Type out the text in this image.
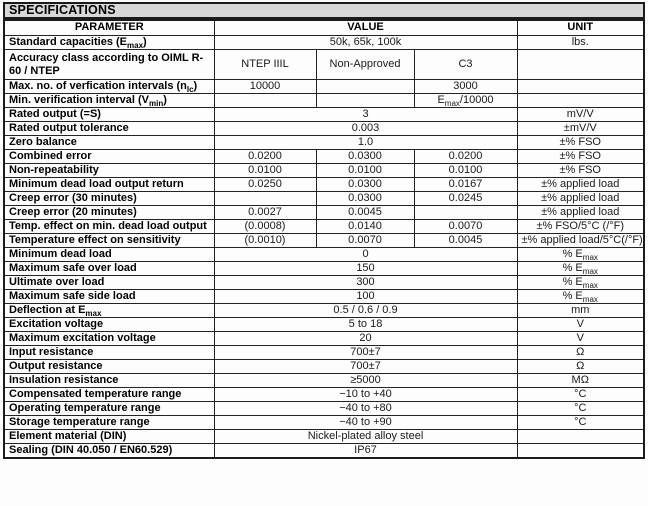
SPECIFICATIONS
PARAMETER	VALUE			UNIT
Standard capacities $(E_{max})$	50k, 65k, 100k			lbs.
Accuracy class according to OIML R-60 / NTEP	NTEP IIIL	Non-Approved	C3	
Max. no. of verfication intervals $(n_{lc})$	10000		3000	
Min. verification interval $(V_{min})$			$E_{max}/10000$	
Rated output (=S)	3			mV/V
Rated output tolerance	0.003			±mV/V
Zero balance	1.0			±% FSO
Combined error	0.0200	0.0300	0.0200	±% FSO
Non-repeatability	0.0100	0.0100	0.0100	±% FSO
Minimum dead load output return	0.0250	0.0300	0.0167	±% applied load
Creep error (30 minutes)		0.0300	0.0245	±% applied load
Creep error (20 minutes)	0.0027	0.0045		±% applied load
Temp. effect on min. dead load output	(0.0008)	0.0140	0.0070	±% FSO/5°C (/°F)
Temperature effect on sensitivity	(0.0010)	0.0070	0.0045	±% applied load/5°C(/°F)
Minimum dead load	0			% $E_{max}$
Maximum safe over load	150			% $E_{max}$
Ultimate over load	300			% $E_{max}$
Maximum safe side load	100			% $E_{max}$
Deflection at $E_{max}$	0.5 / 0.6 / 0.9			mm
Excitation voltage	5 to 18			V
Maximum excitation voltage	20			V
Input resistance	700±7			Ω
Output resistance	700±7			Ω
Insulation resistance	≥5000			MΩ
Compensated temperature range	−10 to +40			°C
Operating temperature range	−40 to +80			°C
Storage temperature range	−40 to +90			°C
Element material (DIN)	Nickel-plated alloy steel			
Sealing (DIN 40.050 / EN60.529)	IP67			
